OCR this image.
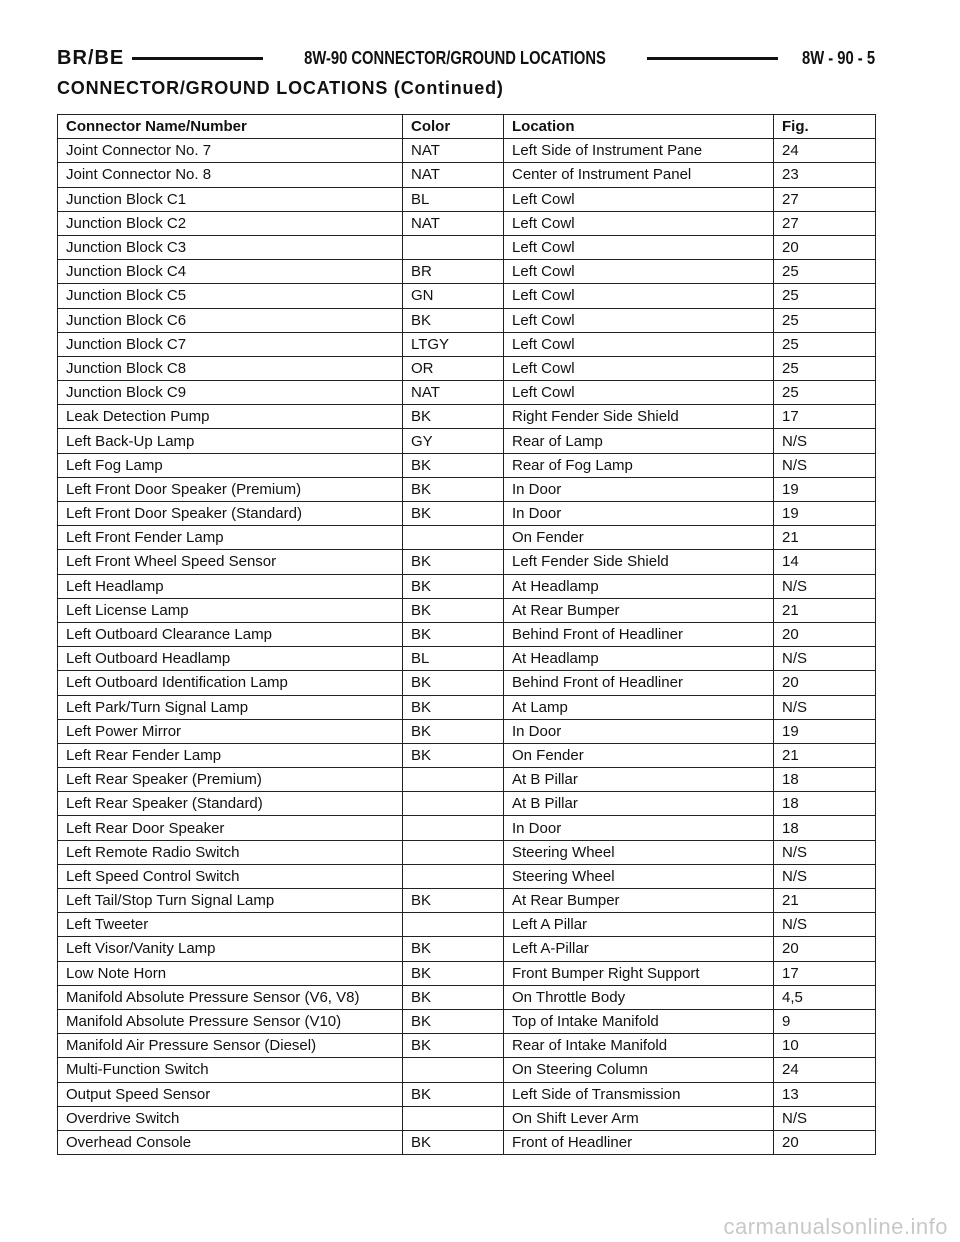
BR/BE	8W-90 CONNECTOR/GROUND LOCATIONS	8W - 90 - 5
CONNECTOR/GROUND LOCATIONS (Continued)
Connector Name/Number	Color	Location	Fig.
Joint Connector No. 7	NAT	Left Side of Instrument Pane	24
Joint Connector No. 8	NAT	Center of Instrument Panel	23
Junction Block C1	BL	Left Cowl	27
Junction Block C2	NAT	Left Cowl	27
Junction Block C3		Left Cowl	20
Junction Block C4	BR	Left Cowl	25
Junction Block C5	GN	Left Cowl	25
Junction Block C6	BK	Left Cowl	25
Junction Block C7	LTGY	Left Cowl	25
Junction Block C8	OR	Left Cowl	25
Junction Block C9	NAT	Left Cowl	25
Leak Detection Pump	BK	Right Fender Side Shield	17
Left Back-Up Lamp	GY	Rear of Lamp	N/S
Left Fog Lamp	BK	Rear of Fog Lamp	N/S
Left Front Door Speaker (Premium)	BK	In Door	19
Left Front Door Speaker (Standard)	BK	In Door	19
Left Front Fender Lamp		On Fender	21
Left Front Wheel Speed Sensor	BK	Left Fender Side Shield	14
Left Headlamp	BK	At Headlamp	N/S
Left License Lamp	BK	At Rear Bumper	21
Left Outboard Clearance Lamp	BK	Behind Front of Headliner	20
Left Outboard Headlamp	BL	At Headlamp	N/S
Left Outboard Identification Lamp	BK	Behind Front of Headliner	20
Left Park/Turn Signal Lamp	BK	At Lamp	N/S
Left Power Mirror	BK	In Door	19
Left Rear Fender Lamp	BK	On Fender	21
Left Rear Speaker (Premium)		At B Pillar	18
Left Rear Speaker (Standard)		At B Pillar	18
Left Rear Door Speaker		In Door	18
Left Remote Radio Switch		Steering Wheel	N/S
Left Speed Control Switch		Steering Wheel	N/S
Left Tail/Stop Turn Signal Lamp	BK	At Rear Bumper	21
Left Tweeter		Left A Pillar	N/S
Left Visor/Vanity Lamp	BK	Left A-Pillar	20
Low Note Horn	BK	Front Bumper Right Support	17
Manifold Absolute Pressure Sensor (V6, V8)	BK	On Throttle Body	4,5
Manifold Absolute Pressure Sensor (V10)	BK	Top of Intake Manifold	9
Manifold Air Pressure Sensor (Diesel)	BK	Rear of Intake Manifold	10
Multi-Function Switch		On Steering Column	24
Output Speed Sensor	BK	Left Side of Transmission	13
Overdrive Switch		On Shift Lever Arm	N/S
Overhead Console	BK	Front of Headliner	20
carmanualsonline.info
